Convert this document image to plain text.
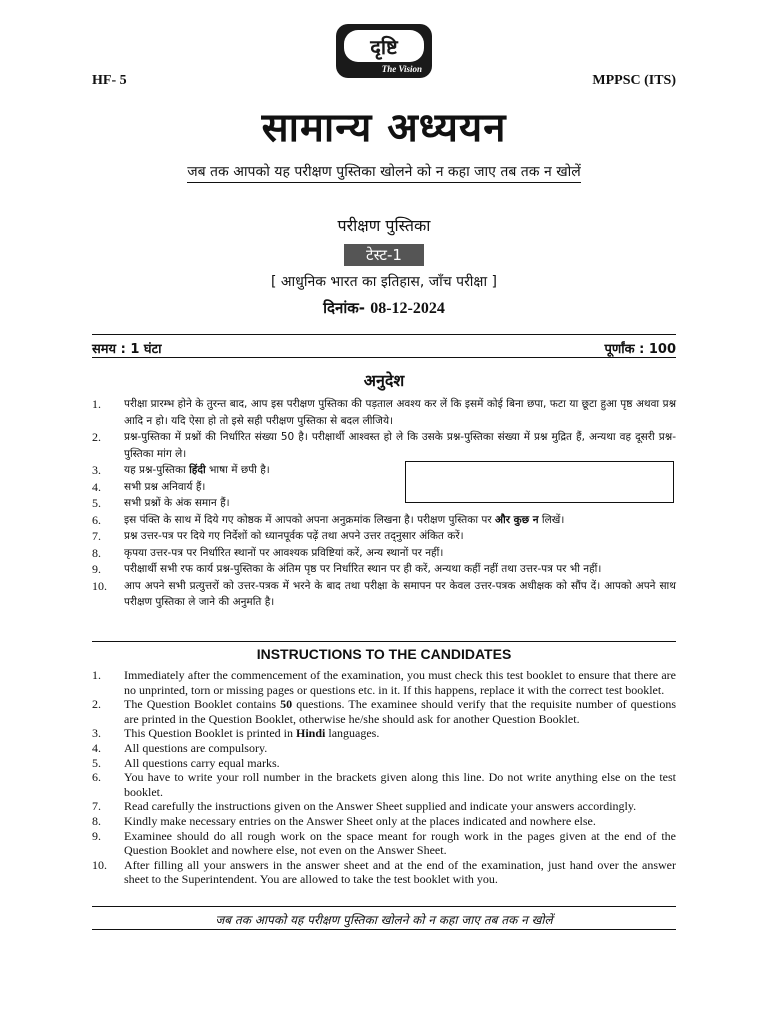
दृष्टि
The Vision
HF- 5	MPPSC (ITS)
सामान्य अध्ययन
जब तक आपको यह परीक्षण पुस्तिका खोलने को न कहा जाए तब तक न खोलें
परीक्षण पुस्तिका
टेस्ट-1
[ आधुनिक भारत का इतिहास, जाँच परीक्षा ]
दिनांक- 08-12-2024
समय : 1 घंटा	पूर्णांक : 100
अनुदेश
1.	परीक्षा प्रारम्भ होने के तुरन्त बाद, आप इस परीक्षण पुस्तिका की पड़ताल अवश्य कर लें कि इसमें कोई बिना छपा, फटा या छूटा हुआ पृष्ठ अथवा प्रश्न आदि न हो। यदि ऐसा हो तो इसे सही परीक्षण पुस्तिका से बदल लीजिये।
2.	प्रश्न-पुस्तिका में प्रश्नों की निर्धारित संख्या 50 है। परीक्षार्थी आश्वस्त हो ले कि उसके प्रश्न-पुस्तिका संख्या में प्रश्न मुद्रित हैं, अन्यथा वह दूसरी प्रश्न-पुस्तिका मांग ले।
3.	यह प्रश्न-पुस्तिका हिंदी भाषा में छपी है।
4.	सभी प्रश्न अनिवार्य हैं।
5.	सभी प्रश्नों के अंक समान हैं।
6.	इस पंक्ति के साथ में दिये गए कोष्ठक में आपको अपना अनुक्रमांक लिखना है। परीक्षण पुस्तिका पर और कुछ न लिखें।
7.	प्रश्न उत्तर-पत्र पर दिये गए निर्देशों को ध्यानपूर्वक पढ़ें तथा अपने उत्तर तद्नुसार अंकित करें।
8.	कृपया उत्तर-पत्र पर निर्धारित स्थानों पर आवश्यक प्रविष्टियां करें, अन्य स्थानों पर नहीं।
9.	परीक्षार्थी सभी रफ कार्य प्रश्न-पुस्तिका के अंतिम पृष्ठ पर निर्धारित स्थान पर ही करें, अन्यथा कहीं नहीं तथा उत्तर-पत्र पर भी नहीं।
10.	आप अपने सभी प्रत्युत्तरों को उत्तर-पत्रक में भरने के बाद तथा परीक्षा के समापन पर केवल उत्तर-पत्रक अधीक्षक को सौंप दें। आपको अपने साथ परीक्षण पुस्तिका ले जाने की अनुमति है।
INSTRUCTIONS TO THE CANDIDATES
1.	Immediately after the commencement of the examination, you must check this test booklet to ensure that there are no unprinted, torn or missing pages or questions etc. in it. If this happens, replace it with the correct test booklet.
2.	The Question Booklet contains 50 questions. The examinee should verify that the requisite number of questions are printed in the Question Booklet, otherwise he/she should ask for another Question Booklet.
3.	This Question Booklet is printed in Hindi languages.
4.	All questions are compulsory.
5.	All questions carry equal marks.
6.	You have to write your roll number in the brackets given along this line. Do not write anything else on the test booklet.
7.	Read carefully the instructions given on the Answer Sheet supplied and indicate your answers accordingly.
8.	Kindly make necessary entries on the Answer Sheet only at the places indicated and nowhere else.
9.	Examinee should do all rough work on the space meant for rough work in the pages given at the end of the Question Booklet and nowhere else, not even on the Answer Sheet.
10.	After filling all your answers in the answer sheet and at the end of the examination, just hand over the answer sheet to the Superintendent. You are allowed to take the test booklet with you.
जब तक आपको यह परीक्षण पुस्तिका खोलने को न कहा जाए तब तक न खोलें
